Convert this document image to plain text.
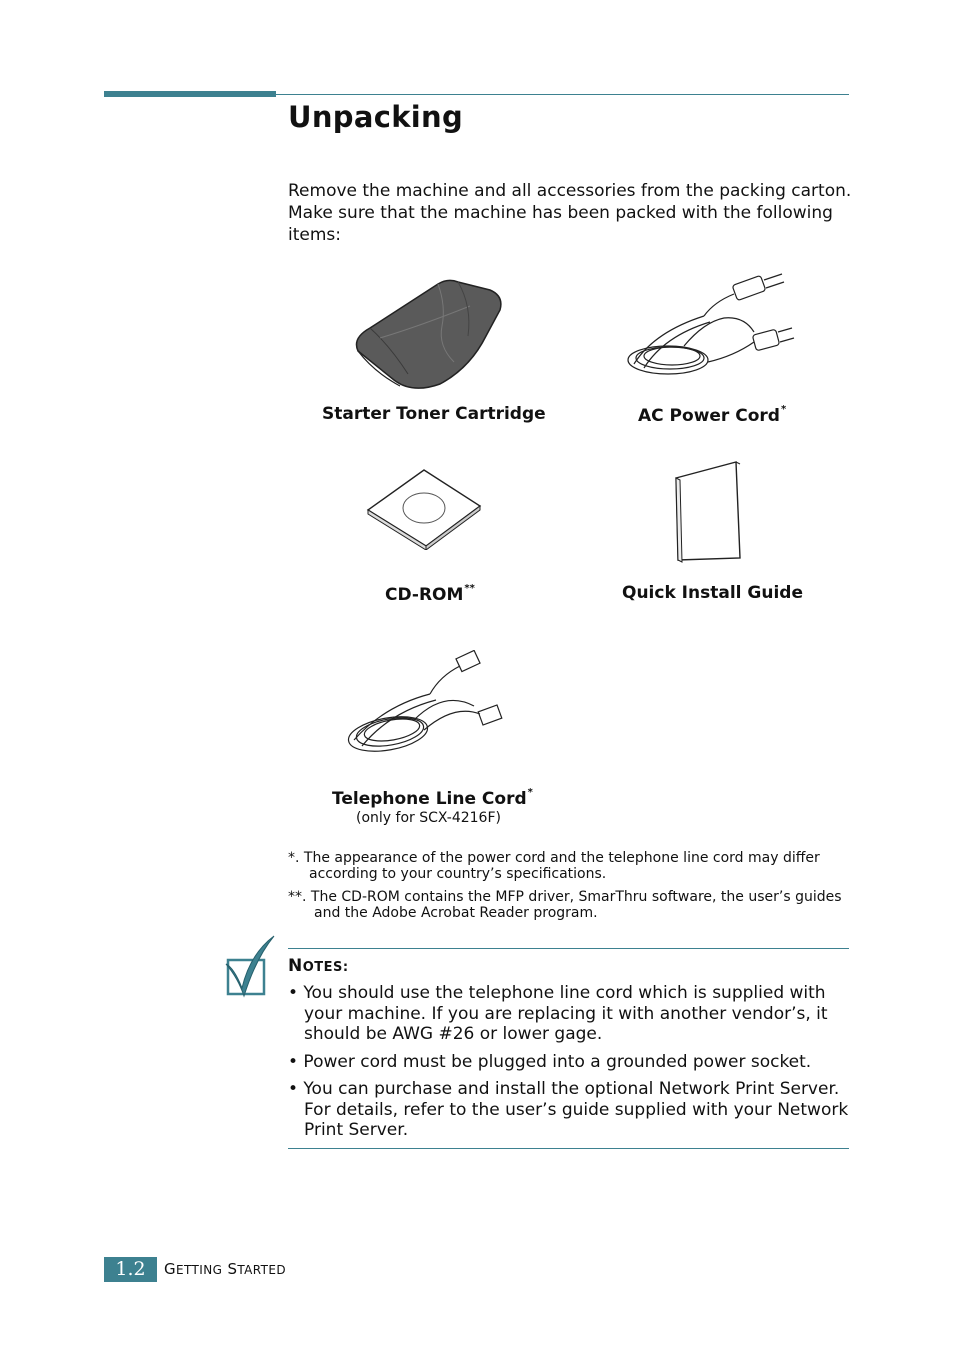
Unpacking
Remove the machine and all accessories from the packing carton. Make sure that the machine has been packed with the following items:
Starter Toner Cartridge	AC Power Cord*
CD-ROM**	Quick Install Guide
Telephone Line Cord*
(only for SCX-4216F)
*. The appearance of the power cord and the telephone line cord may differ
according to your country’s specifications.
**. The CD-ROM contains the MFP driver, SmarThru software, the user’s guides
and the Adobe Acrobat Reader program.
NOTES:
• You should use the telephone line cord which is supplied with your machine. If you are replacing it with another vendor’s, it should be AWG #26 or lower gage.
• Power cord must be plugged into a grounded power socket.
• You can purchase and install the optional Network Print Server. For details, refer to the user’s guide supplied with your Network Print Server.
1.2	GETTING STARTED
